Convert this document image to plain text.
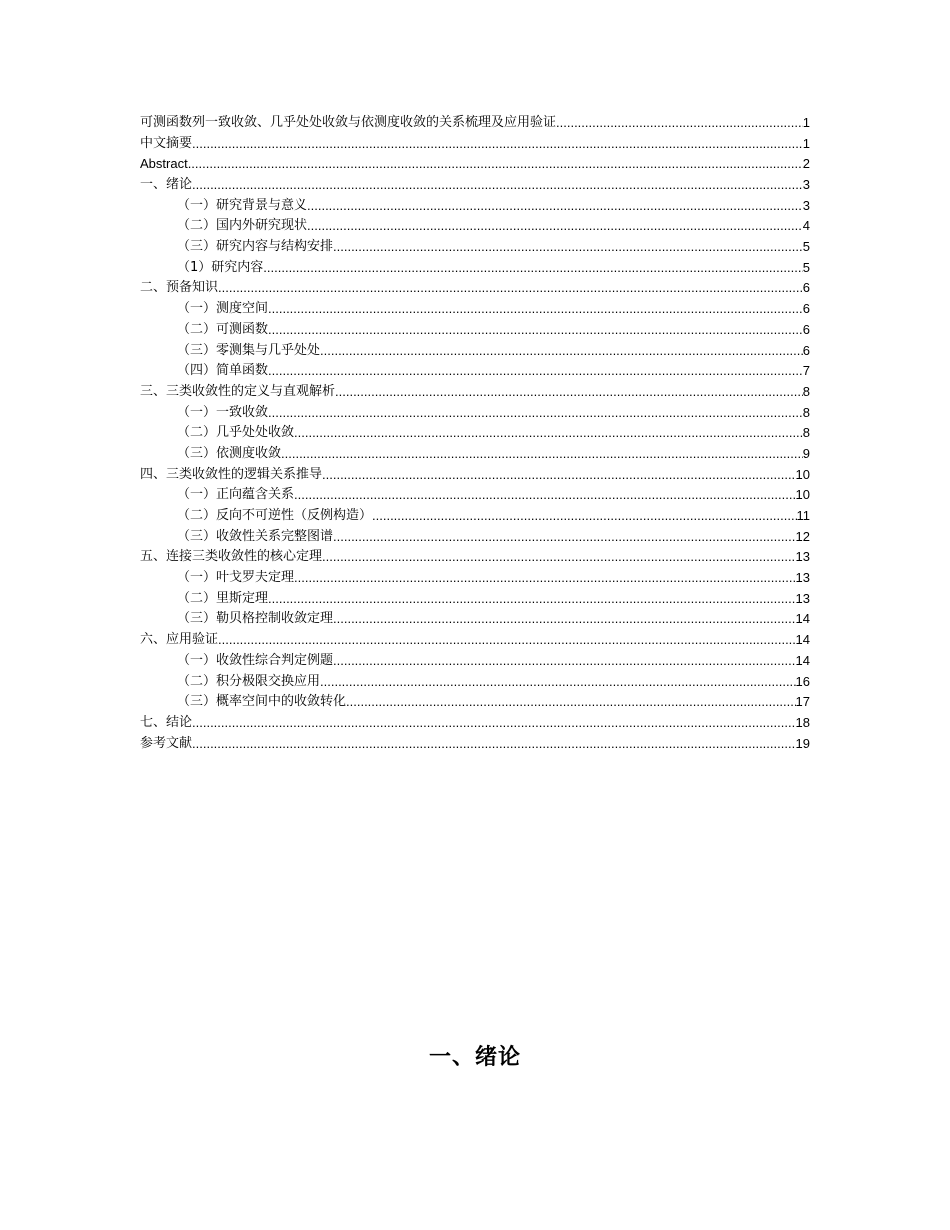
可测函数列一致收敛、几乎处处收敛与依测度收敛的关系梳理及应用验证 .....	1
中文摘要 .....	1
Abstract .....	2
一、绪论 .....	3
（一）研究背景与意义 .....	3
（二）国内外研究现状 .....	4
（三）研究内容与结构安排 .....	5
（1）研究内容 .....	5
二、预备知识 .....	6
（一）测度空间 .....	6
（二）可测函数 .....	6
（三）零测集与几乎处处 .....	6
（四）简单函数 .....	7
三、三类收敛性的定义与直观解析 .....	8
（一）一致收敛 .....	8
（二）几乎处处收敛 .....	8
（三）依测度收敛 .....	9
四、三类收敛性的逻辑关系推导 .....	10
（一）正向蕴含关系 .....	10
（二）反向不可逆性（反例构造） .....	11
（三）收敛性关系完整图谱 .....	12
五、连接三类收敛性的核心定理 .....	13
（一）叶戈罗夫定理 .....	13
（二）里斯定理 .....	13
（三）勒贝格控制收敛定理 .....	14
六、应用验证 .....	14
（一）收敛性综合判定例题 .....	14
（二）积分极限交换应用 .....	16
（三）概率空间中的收敛转化 .....	17
七、结论 .....	18
参考文献 .....	19
一、绪论
